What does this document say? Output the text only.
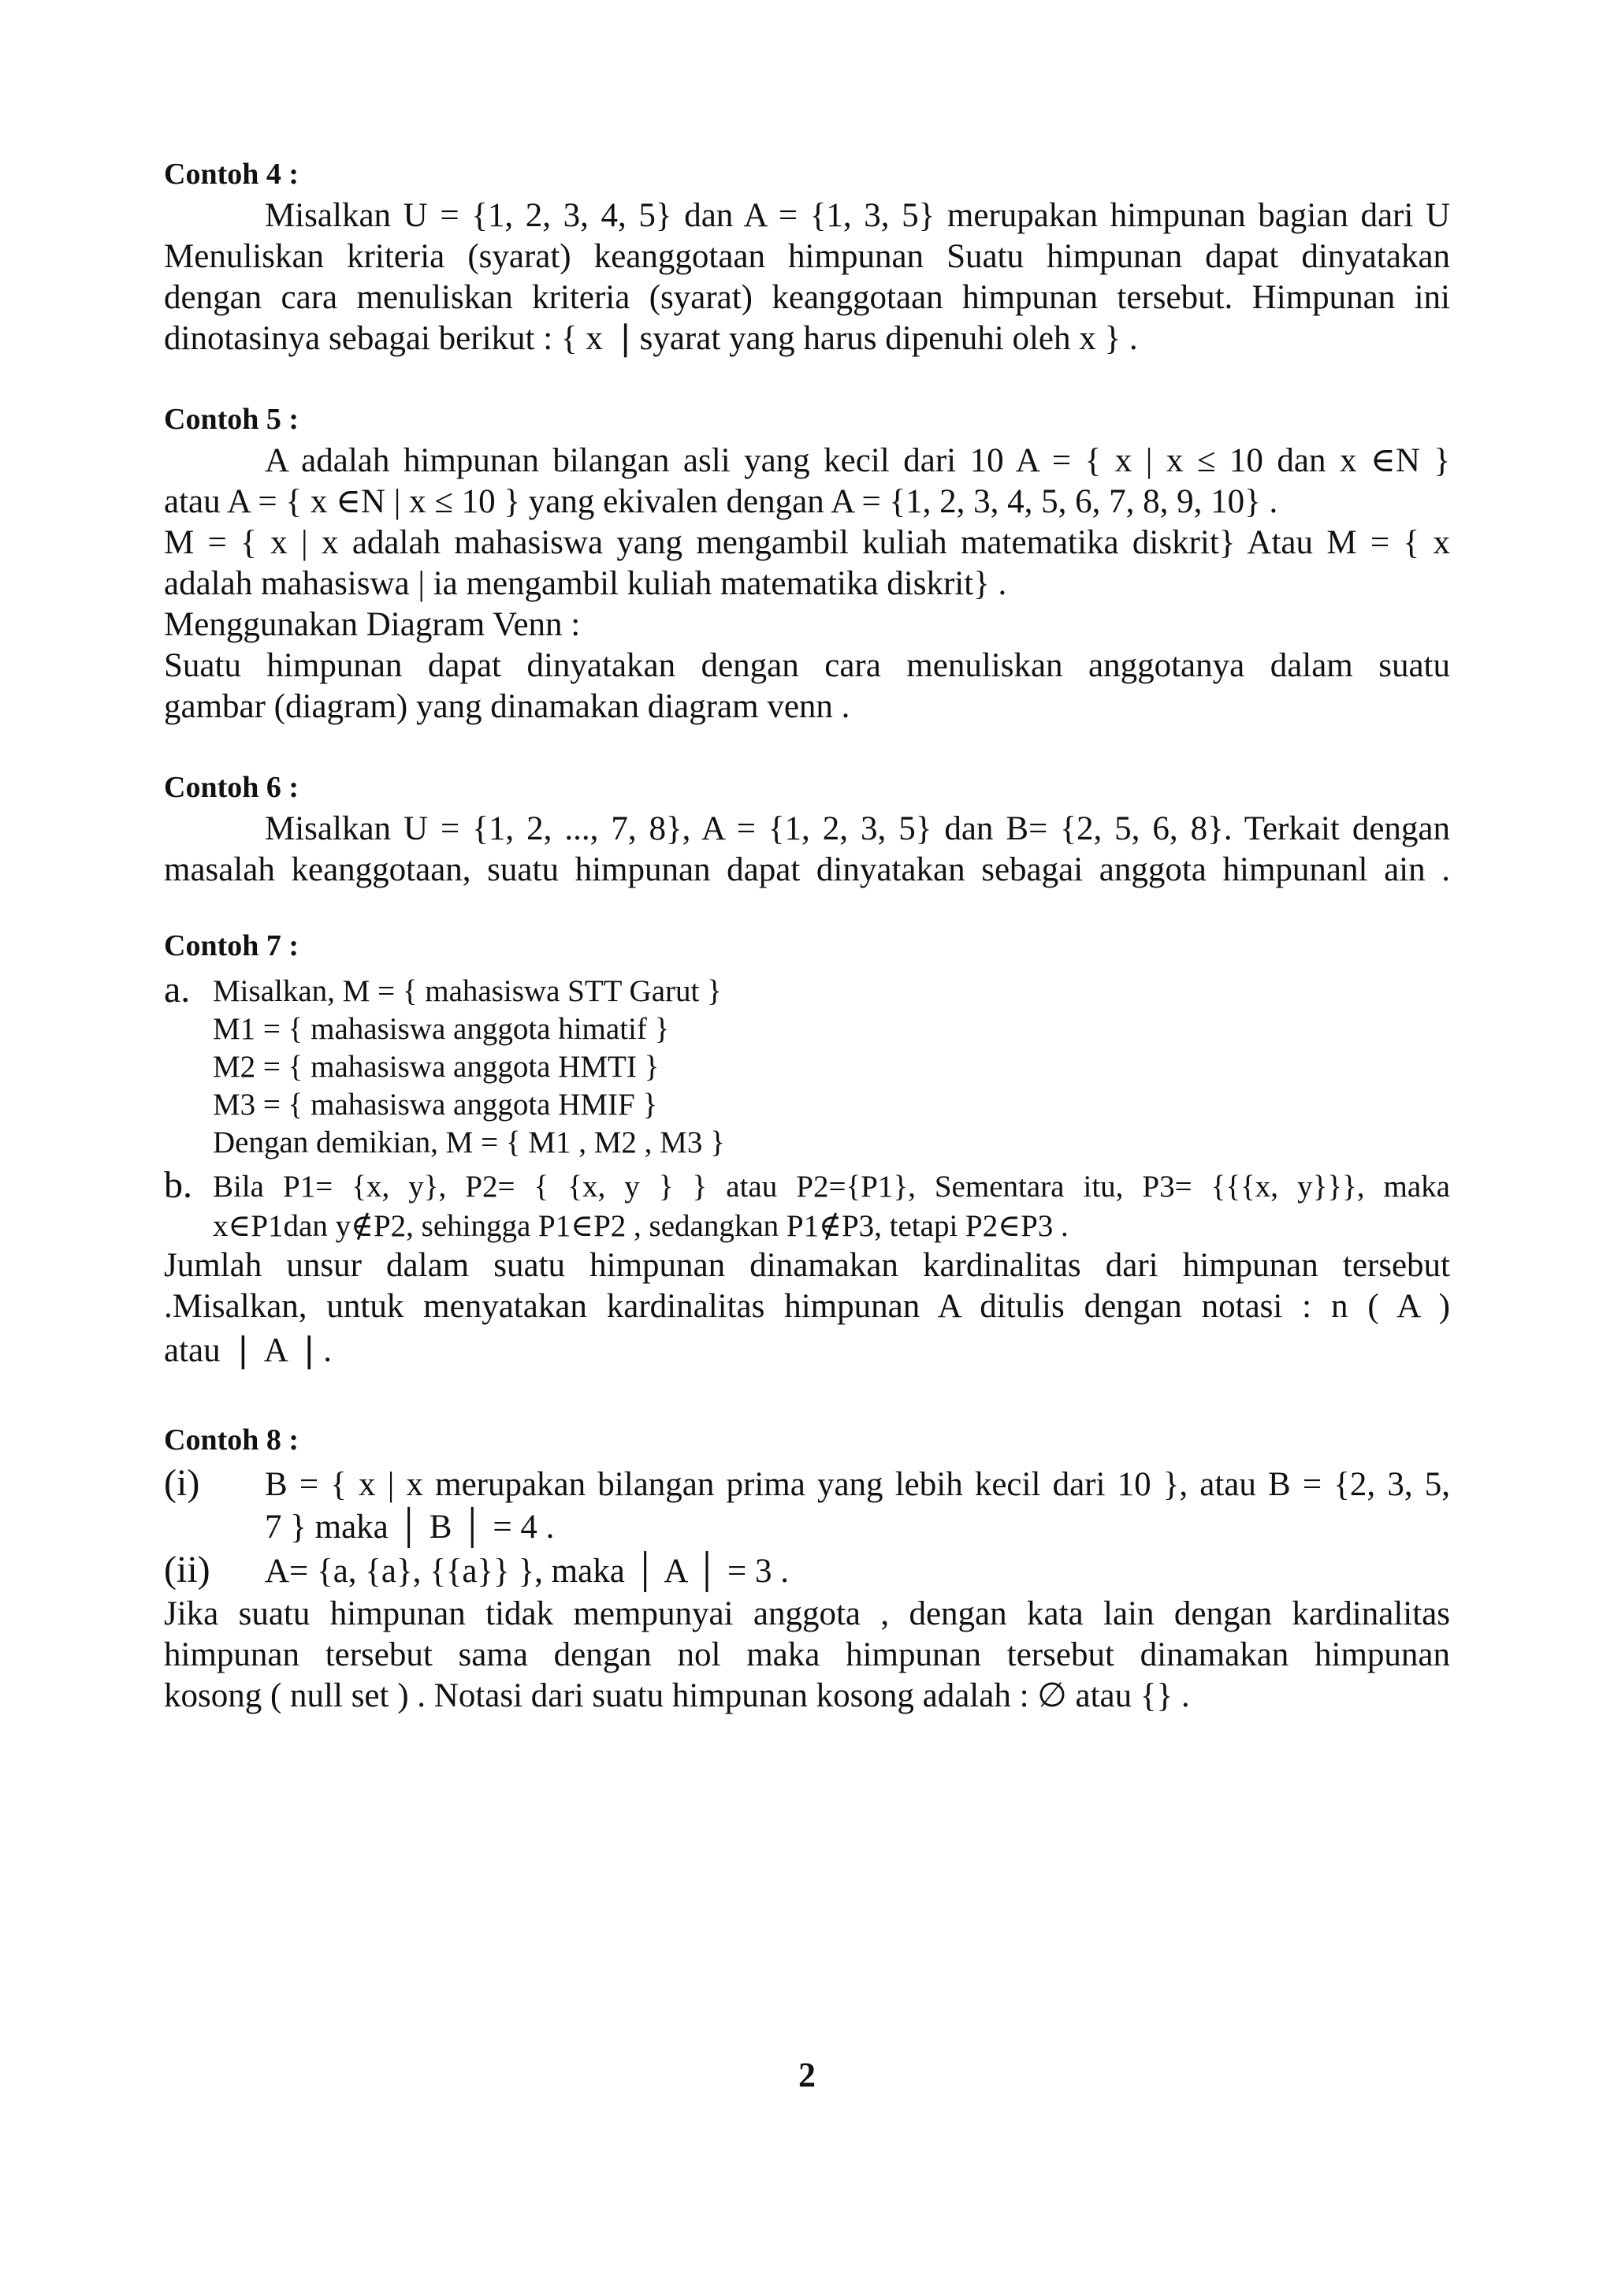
Contoh 4 :
Misalkan U = {1, 2, 3, 4, 5} dan A = {1, 3, 5} merupakan himpunan bagian dari U
Menuliskan kriteria (syarat) keanggotaan himpunan Suatu himpunan dapat dinyatakan
dengan cara menuliskan kriteria (syarat) keanggotaan himpunan tersebut. Himpunan ini
dinotasinya sebagai berikut : { x ❘syarat yang harus dipenuhi oleh x } .
Contoh 5 :
A adalah himpunan bilangan asli yang kecil dari 10 A = { x | x ≤ 10 dan x ∈N }
atau A = { x ∈N | x ≤ 10 } yang ekivalen dengan A = {1, 2, 3, 4, 5, 6, 7, 8, 9, 10} .
M = { x | x adalah mahasiswa yang mengambil kuliah matematika diskrit} Atau M = { x
adalah mahasiswa | ia mengambil kuliah matematika diskrit} .
Menggunakan Diagram Venn :
Suatu himpunan dapat dinyatakan dengan cara menuliskan anggotanya dalam suatu
gambar (diagram) yang dinamakan diagram venn .
Contoh 6 :
Misalkan U = {1, 2, ..., 7, 8}, A = {1, 2, 3, 5} dan B= {2, 5, 6, 8}. Terkait dengan
masalah keanggotaan, suatu himpunan dapat dinyatakan sebagai anggota himpunanl ain .
Contoh 7 :
a. Misalkan, M = { mahasiswa STT Garut }
M1 = { mahasiswa anggota himatif }
M2 = { mahasiswa anggota HMTI }
M3 = { mahasiswa anggota HMIF }
Dengan demikian, M = { M1 , M2 , M3 }
b. Bila P1= {x, y}, P2= { {x, y } } atau P2={P1}, Sementara itu, P3= {{{x, y}}}, maka
x∈P1dan y∉P2, sehingga P1∈P2 , sedangkan P1∉P3, tetapi P2∈P3 .
Jumlah unsur dalam suatu himpunan dinamakan kardinalitas dari himpunan tersebut
.Misalkan, untuk menyatakan kardinalitas himpunan A ditulis dengan notasi : n ( A )
atau ❘ A ❘.
Contoh 8 :
(i) B = { x | x merupakan bilangan prima yang lebih kecil dari 10 }, atau B = {2, 3, 5,
7 } maka │ B │ = 4 .
(ii) A= {a, {a}, {{a}} }, maka │ A │ = 3 .
Jika suatu himpunan tidak mempunyai anggota , dengan kata lain dengan kardinalitas
himpunan tersebut sama dengan nol maka himpunan tersebut dinamakan himpunan
kosong ( null set ) . Notasi dari suatu himpunan kosong adalah : ∅ atau {} .
2
